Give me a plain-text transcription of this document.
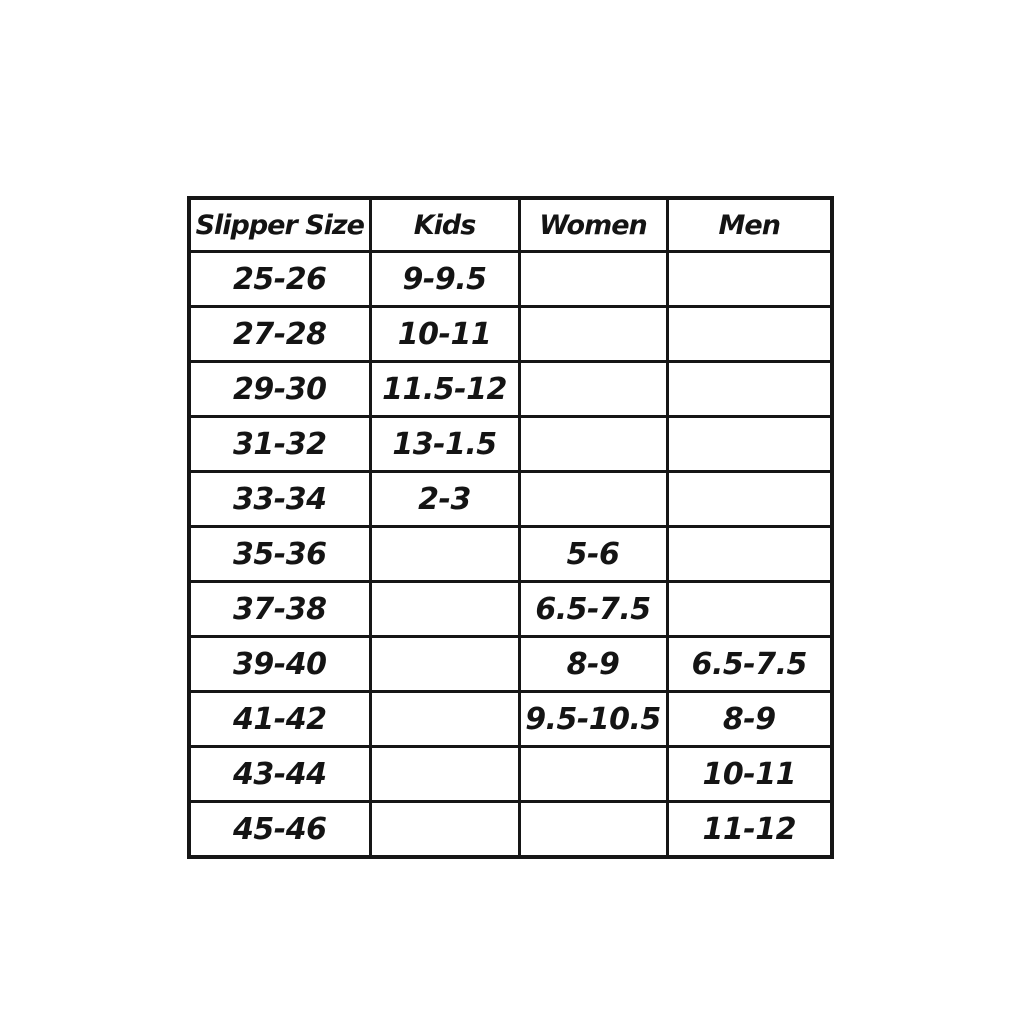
Slipper Size	Kids	Women	Men
25-26	9-9.5		
27-28	10-11		
29-30	11.5-12		
31-32	13-1.5		
33-34	2-3		
35-36		5-6	
37-38		6.5-7.5	
39-40		8-9	6.5-7.5
41-42		9.5-10.5	8-9
43-44			10-11
45-46			11-12
